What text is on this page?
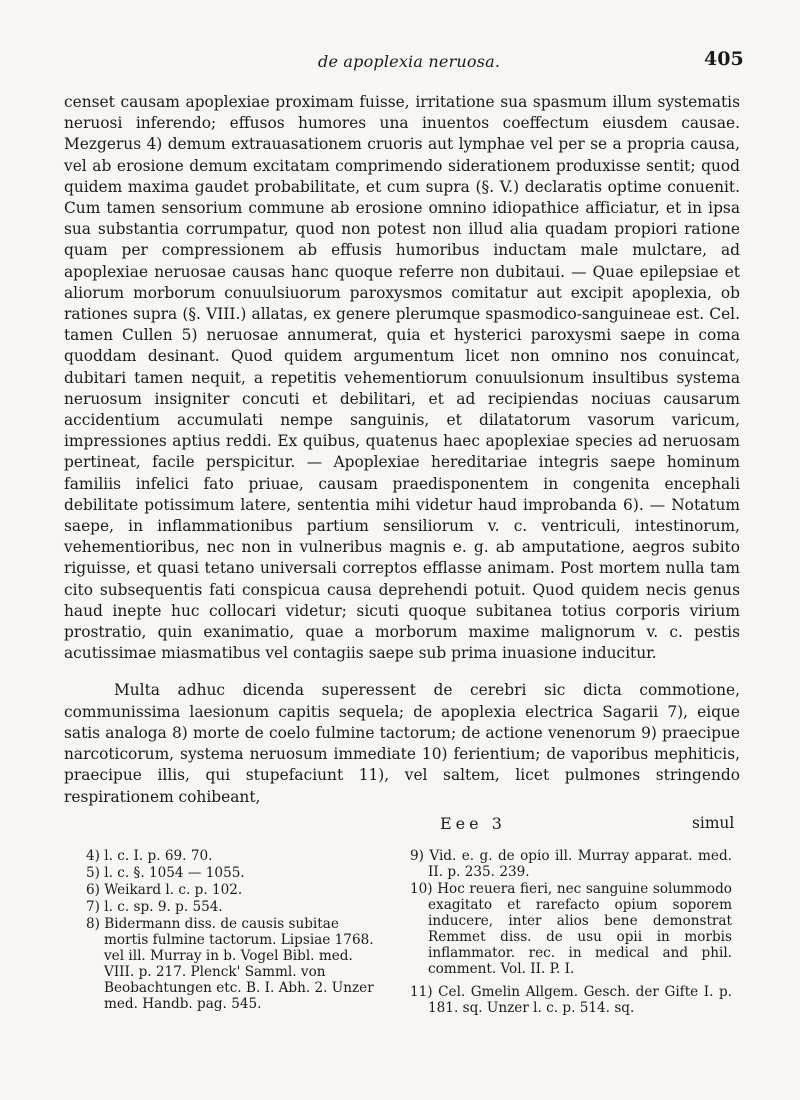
de apoplexia neruosa.	405

censet causam apoplexiae proximam fuisse, irritatione sua spasmum illum systematis neruosi inferendo; effusos humores una inuentos coeffectum eiusdem causae. Mezgerus 4) demum extrauasationem cruoris aut lymphae vel per se a propria causa, vel ab erosione demum excitatam comprimendo siderationem produxisse sentit; quod quidem maxima gaudet probabilitate, et cum supra (§. V.) declaratis optime conuenit. Cum tamen sensorium commune ab erosione omnino idiopathice afficiatur, et in ipsa sua substantia corrumpatur, quod non potest non illud alia quadam propiori ratione quam per compressionem ab effusis humoribus inductam male mulctare, ad apoplexiae neruosae causas hanc quoque referre non dubitaui. — Quae epilepsiae et aliorum morborum conuulsiuorum paroxysmos comitatur aut excipit apoplexia, ob rationes supra (§. VIII.) allatas, ex genere plerumque spasmodico-sanguineae est. Cel. tamen Cullen 5) neruosae annumerat, quia et hysterici paroxysmi saepe in coma quoddam desinant. Quod quidem argumentum licet non omnino nos conuincat, dubitari tamen nequit, a repetitis vehementiorum conuulsionum insultibus systema neruosum insigniter concuti et debilitari, et ad recipiendas nociuas causarum accidentium accumulati nempe sanguinis, et dilatatorum vasorum varicum, impressiones aptius reddi. Ex quibus, quatenus haec apoplexiae species ad neruosam pertineat, facile perspicitur. — Apoplexiae hereditariae integris saepe hominum familiis infelici fato priuae, causam praedisponentem in congenita encephali debilitate potissimum latere, sententia mihi videtur haud improbanda 6). — Notatum saepe, in inflammationibus partium sensiliorum v. c. ventriculi, intestinorum, vehementioribus, nec non in vulneribus magnis e. g. ab amputatione, aegros subito riguisse, et quasi tetano universali correptos efflasse animam. Post mortem nulla tam cito subsequentis fati conspicua causa deprehendi potuit. Quod quidem necis genus haud inepte huc collocari videtur; sicuti quoque subitanea totius corporis virium prostratio, quin exanimatio, quae a morborum maxime malignorum v. c. pestis acutissimae miasmatibus vel contagiis saepe sub prima inuasione inducitur.

Multa adhuc dicenda superessent de cerebri sic dicta commotione, communissima laesionum capitis sequela; de apoplexia electrica Sagarii 7), eique satis analoga 8) morte de coelo fulmine tactorum; de actione venenorum 9) praecipue narcoticorum, systema neruosum immediate 10) ferientium; de vaporibus mephiticis, praecipue illis, qui stupefaciunt 11), vel saltem, licet pulmones stringendo respirationem cohibeant,

Eee 3	simul

4) l. c. I. p. 69. 70.

5) l. c. §. 1054 — 1055.

6) Weikard l. c. p. 102.

7) l. c. sp. 9. p. 554.

8) Bidermann diss. de causis subitae mortis fulmine tactorum. Lipsiae 1768. vel ill. Murray in b. Vogel Bibl. med. VIII. p. 217. Plenck' Samml. von Beobachtungen etc. B. I. Abh. 2. Unzer med. Handb. pag. 545.

9) Vid. e. g. de opio ill. Murray apparat. med. II. p. 235. 239.

10) Hoc reuera fieri, nec sanguine solummodo exagitato et rarefacto opium soporem inducere, inter alios bene demonstrat Remmet diss. de usu opii in morbis inflammator. rec. in medical and phil. comment. Vol. II. P. I.

11) Cel. Gmelin Allgem. Gesch. der Gifte I. p. 181. sq. Unzer l. c. p. 514. sq.
